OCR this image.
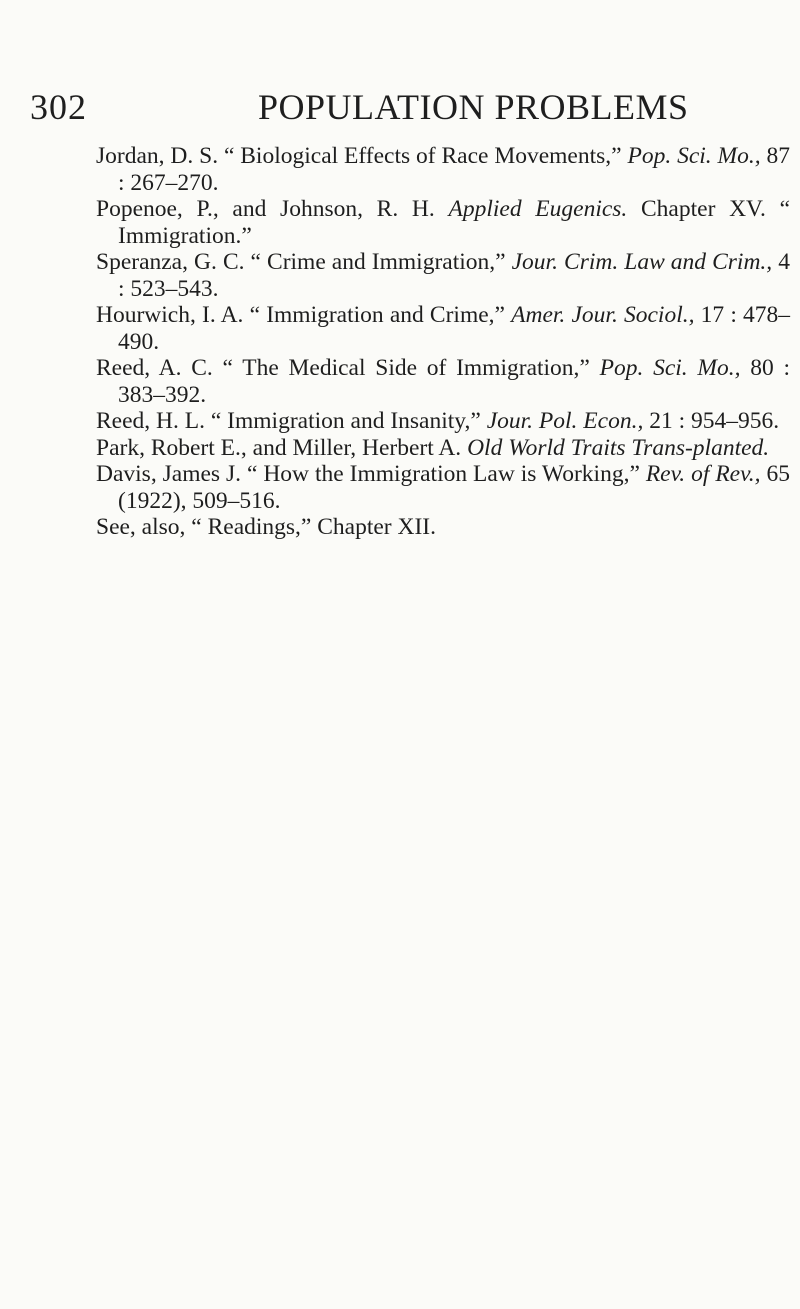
302	POPULATION PROBLEMS

Jordan, D. S. “ Biological Effects of Race Movements,” Pop. Sci. Mo., 87 : 267–270.

Popenoe, P., and Johnson, R. H. Applied Eugenics. Chapter XV. “ Immigration.”

Speranza, G. C. “ Crime and Immigration,” Jour. Crim. Law and Crim., 4 : 523–543.

Hourwich, I. A. “ Immigration and Crime,” Amer. Jour. Sociol., 17 : 478–490.

Reed, A. C. “ The Medical Side of Immigration,” Pop. Sci. Mo., 80 : 383–392.

Reed, H. L. “ Immigration and Insanity,” Jour. Pol. Econ., 21 : 954–956.

Park, Robert E., and Miller, Herbert A. Old World Traits Trans-planted.

Davis, James J. “ How the Immigration Law is Working,” Rev. of Rev., 65 (1922), 509–516.

See, also, “ Readings,” Chapter XII.
